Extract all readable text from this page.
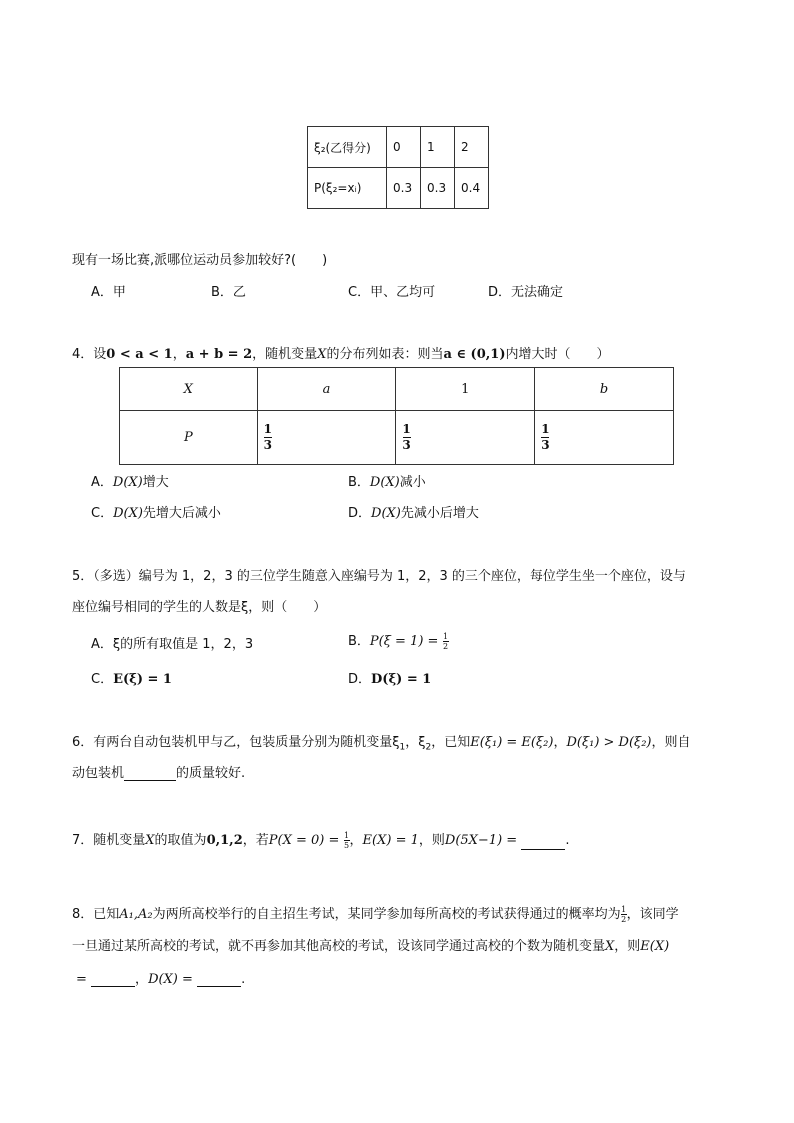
ξ₂(乙得分)	0	1	2
P(ξ₂=xᵢ)	0.3	0.3	0.4
现有一场比赛,派哪位运动员参加较好?(　　)
A．甲	B．乙	C．甲、乙均可	D．无法确定
4．设0 < a < 1，a + b = 2，随机变量X的分布列如表：则当a ∈ (0,1)内增大时（　　）
X	a	1	b
P	$\frac{1}{3}$	$\frac{1}{3}$	$\frac{1}{3}$
A．D(X)增大	B．D(X)减小
C．D(X)先增大后减小	D．D(X)先减小后增大
5．（多选）编号为 1，2，3 的三位学生随意入座编号为 1，2，3 的三个座位，每位学生坐一个座位，设与
座位编号相同的学生的人数是ξ，则（　　）
A．ξ的所有取值是 1，2，3	B．$P(\xi = 1) = \frac{1}{2}$
C．E(ξ) = 1	D．D(ξ) = 1
6．有两台自动包装机甲与乙，包装质量分别为随机变量$\xi_1$，$\xi_2$，已知E(ξ₁) = E(ξ₂)，D(ξ₁) > D(ξ₂)，则自
动包装机	的质量较好.
7．随机变量X的取值为0,1,2，若$P(X = 0) = \frac{1}{5}$ ，E(X) = 1，则D(5X−1) =	.
8．已知A₁,A₂为两所高校举行的自主招生考试，某同学参加每所高校的考试获得通过的概率均为 $\frac{1}{2}$ ，该同学
一旦通过某所高校的考试，就不再参加其他高校的考试，设该同学通过高校的个数为随机变量X，则E(X)
=	，D(X) =	.
